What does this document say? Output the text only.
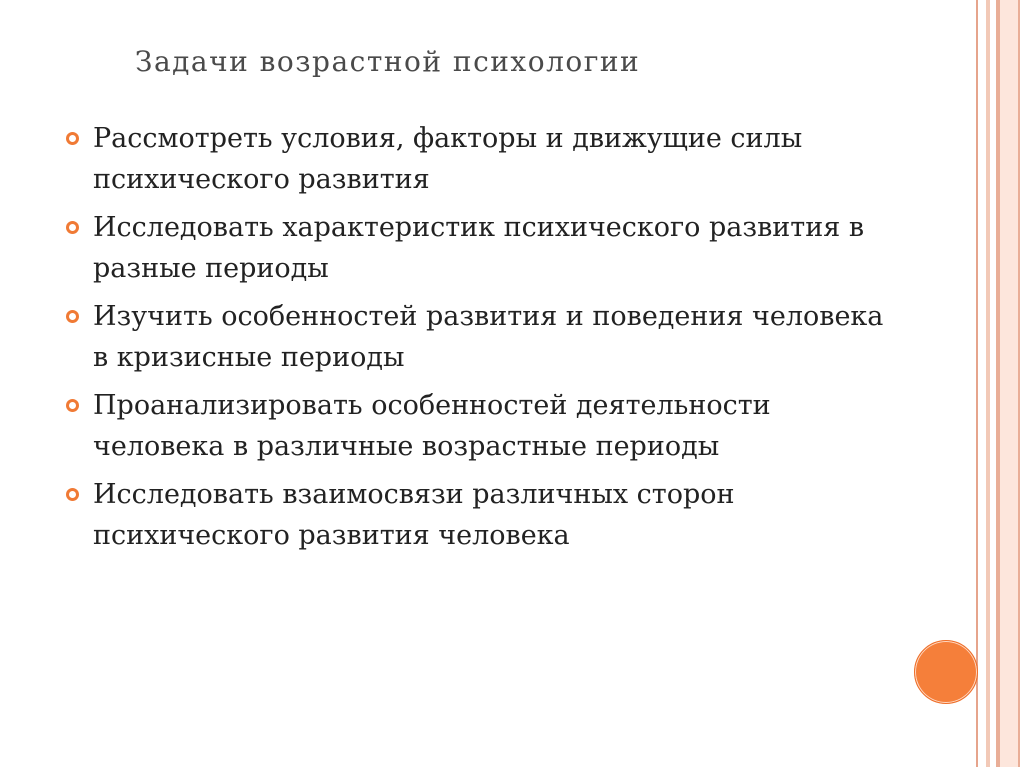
Задачи возрастной психологии
Рассмотреть условия, факторы и движущие силы психического развития
Исследовать характеристик психического развития в разные периоды
Изучить особенностей развития и поведения человека в кризисные периоды
Проанализировать особенностей деятельности человека в различные возрастные периоды
Исследовать взаимосвязи различных сторон психического развития человека
